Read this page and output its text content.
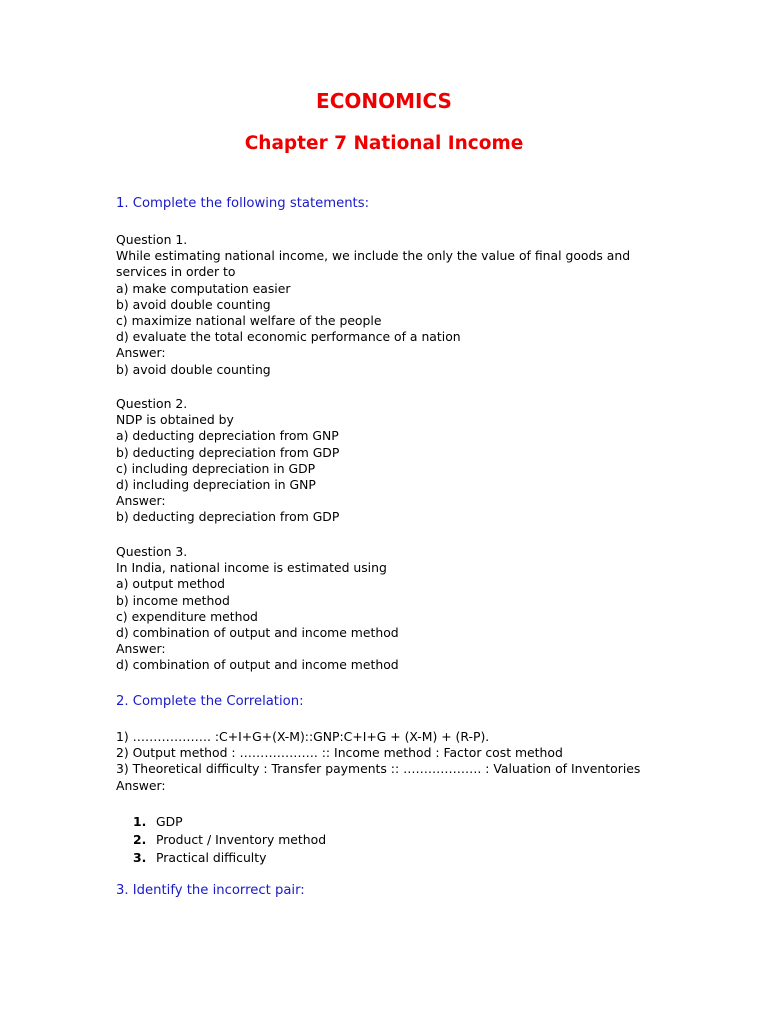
ECONOMICS
Chapter 7 National Income
1. Complete the following statements:
Question 1.
While estimating national income, we include the only the value of final goods and services in order to
a) make computation easier
b) avoid double counting
c) maximize national welfare of the people
d) evaluate the total economic performance of a nation
Answer:
b) avoid double counting
Question 2.
NDP is obtained by
a) deducting depreciation from GNP
b) deducting depreciation from GDP
c) including depreciation in GDP
d) including depreciation in GNP
Answer:
b) deducting depreciation from GDP
Question 3.
In India, national income is estimated using
a) output method
b) income method
c) expenditure method
d) combination of output and income method
Answer:
d) combination of output and income method
2. Complete the Correlation:
1) ………………. :C+I+G+(X-M)::GNP:C+I+G + (X-M) + (R-P).
2) Output method : ………………. :: Income method : Factor cost method
3) Theoretical difficulty : Transfer payments :: ………………. : Valuation of Inventories
Answer:
1. GDP
2. Product / Inventory method
3. Practical difficulty
3. Identify the incorrect pair:
